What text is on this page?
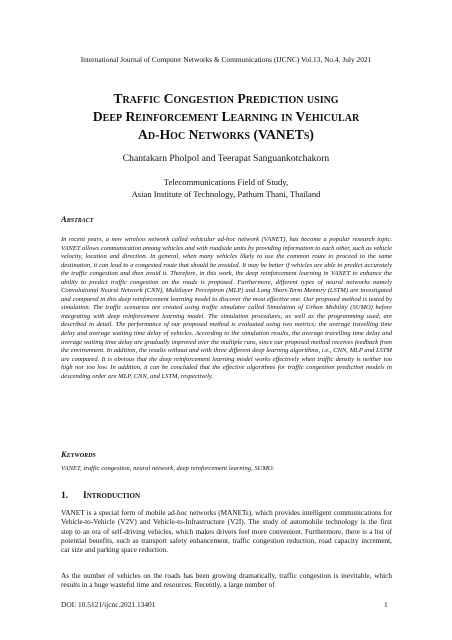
International Journal of Computer Networks & Communications (IJCNC) Vol.13, No.4, July 2021
Traffic Congestion Prediction using
Deep Reinforcement Learning in Vehicular
Ad-Hoc Networks (VANETs)
Chantakarn Pholpol and Teerapat Sanguankotchakorn
Telecommunications Field of Study,
Asian Institute of Technology, Pathum Thani, Thailand
Abstract

In recent years, a new wireless network called vehicular ad-hoc network (VANET), has become a popular research topic. VANET allows communication among vehicles and with roadside units by providing information to each other, such as vehicle velocity, location and direction. In general, when many vehicles likely to use the common route to proceed to the same destination, it can lead to a congested route that should be avoided. It may be better if vehicles are able to predict accurately the traffic congestion and then avoid it. Therefore, in this work, the deep reinforcement learning in VANET to enhance the ability to predict traffic congestion on the roads is proposed. Furthermore, different types of neural networks namely Convolutional Neural Network (CNN), Multilayer Perceptron (MLP) and Long Short-Term Memory (LSTM) are investigated and compared in this deep reinforcement learning model to discover the most effective one. Our proposed method is tested by simulation. The traffic scenarios are created using traffic simulator called Simulation of Urban Mobility (SUMO) before integrating with deep reinforcement learning model. The simulation procedures, as well as the programming used, are described in detail. The performance of our proposed method is evaluated using two metrics; the average travelling time delay and average waiting time delay of vehicles. According to the simulation results, the average travelling time delay and average waiting time delay are gradually improved over the multiple runs, since our proposed method receives feedback from the environment. In addition, the results without and with three different deep learning algorithms, i.e., CNN, MLP and LSTM are compared. It is obvious that the deep reinforcement learning model works effectively when traffic density is neither too high nor too low. In addition, it can be concluded that the effective algorithms for traffic congestion prediction models in descending order are MLP, CNN, and LSTM, respectively.

Keywords

VANET, traffic congestion, neural network, deep reinforcement learning, SUMO.

1. Introduction

VANET is a special form of mobile ad-hoc networks (MANETs), which provides intelligent communications for Vehicle-to-Vehicle (V2V) and Vehicle-to-Infrastructure (V2I). The study of automobile technology is the first step to an era of self-driving vehicles, which makes drivers feel more convenient. Furthermore, there is a list of potential benefits, such as transport safety enhancement, traffic congestion reduction, road capacity increment, car size and parking space reduction.

As the number of vehicles on the roads has been growing dramatically, traffic congestion is inevitable, which results in a huge wasteful time and resources. Recently, a large number of

DOI: 10.5121/ijcnc.2021.13401	1
